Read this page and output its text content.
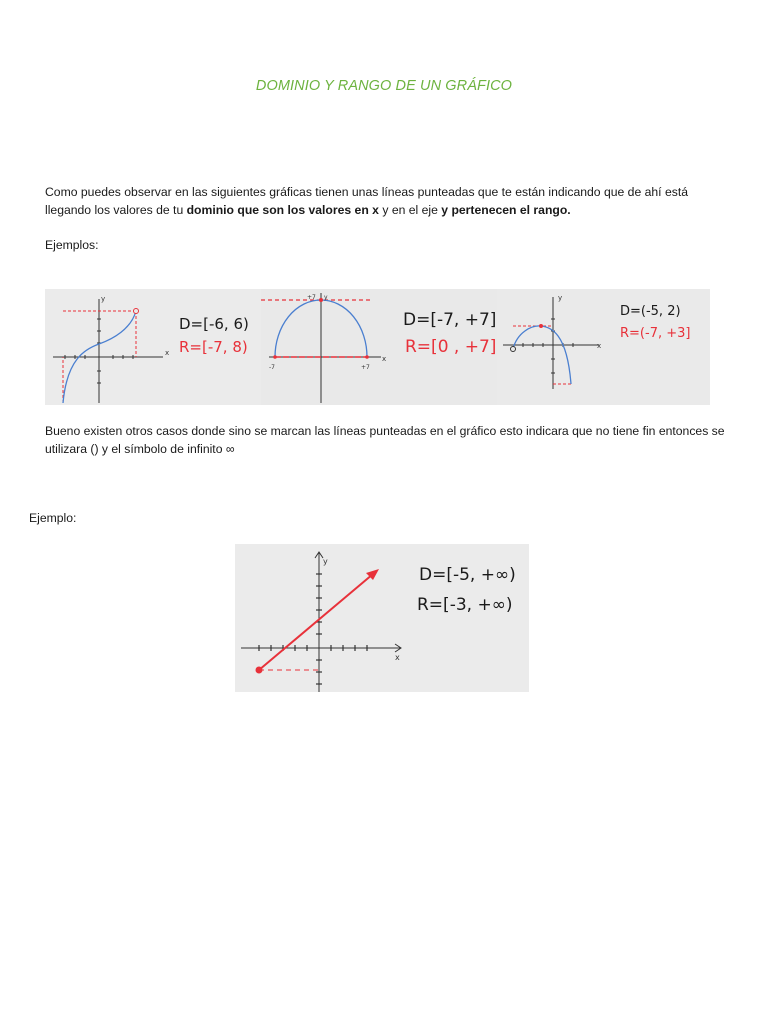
DOMINIO Y RANGO DE UN GRÁFICO
Como puedes observar en las siguientes gráficas tienen unas líneas punteadas que te están indicando que de ahí está llegando los valores de tu dominio que son los valores en x y en el eje y pertenecen el rango.
Ejemplos:
y
x
D=[-6, 6)
R=[-7, 8)
+7 y
-7	+7
x
D=[-7, +7]
R=[0 , +7]
y
x
D=(-5, 2)
R=(-7, +3]
Bueno existen otros casos donde sino se marcan las líneas punteadas en el gráfico esto indicara que no tiene fin entonces se utilizara () y el símbolo de infinito ∞
Ejemplo:
y
x
D=[-5, +∞)
R=[-3, +∞)
